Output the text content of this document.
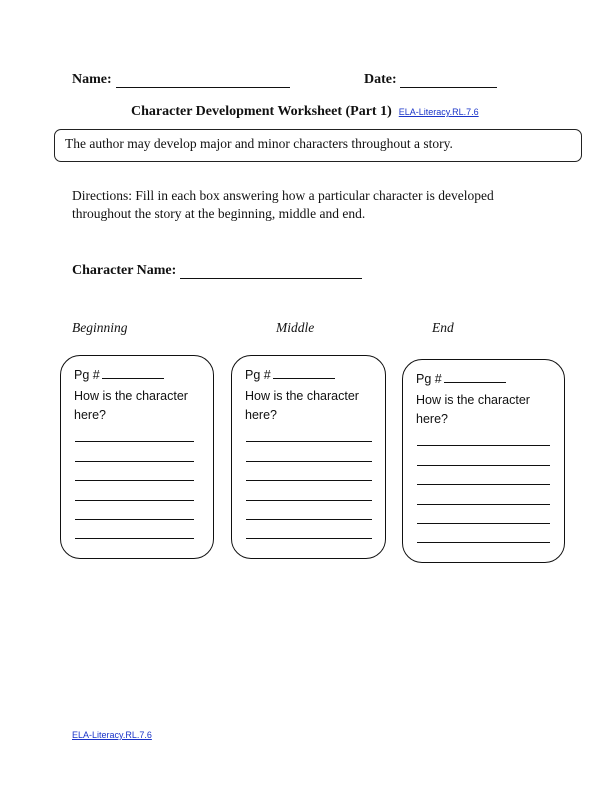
Name:	Date:
Character Development Worksheet (Part 1) ELA-Literacy.RL.7.6
The author may develop major and minor characters throughout a story.
Directions: Fill in each box answering how a particular character is developed
throughout the story at the beginning, middle and end.
Character Name:
Beginning	Middle	End
Pg #
How is the character
here?
Pg #
How is the character
here?
Pg #
How is the character
here?
ELA-Literacy.RL.7.6
